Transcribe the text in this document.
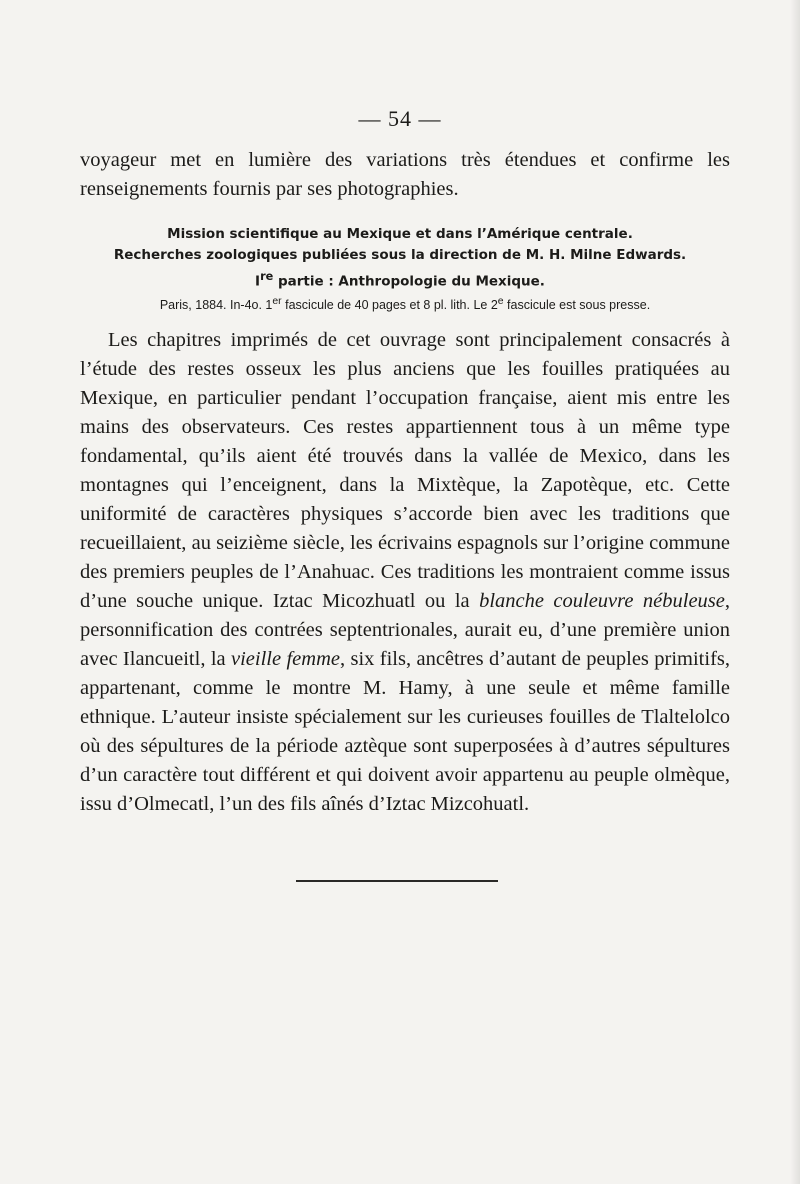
— 54 —

voyageur met en lumière des variations très étendues et confirme les renseignements fournis par ses photographies.

Mission scientifique au Mexique et dans l’Amérique centrale.
Recherches zoologiques publiées sous la direction de M. H. Milne Edwards.
Ire partie : Anthropologie du Mexique.

Paris, 1884. In-4o. 1er fascicule de 40 pages et 8 pl. lith. Le 2e fascicule est sous presse.

Les chapitres imprimés de cet ouvrage sont principalement consacrés à l’étude des restes osseux les plus anciens que les fouilles pratiquées au Mexique, en particulier pendant l’occupation française, aient mis entre les mains des observateurs. Ces restes appartiennent tous à un même type fondamental, qu’ils aient été trouvés dans la vallée de Mexico, dans les montagnes qui l’enceignent, dans la Mixtèque, la Zapotèque, etc. Cette uniformité de caractères physiques s’accorde bien avec les traditions que recueillaient, au seizième siècle, les écrivains espagnols sur l’origine commune des premiers peuples de l’Anahuac. Ces traditions les montraient comme issus d’une souche unique. Iztac Micozhuatl ou la blanche couleuvre nébuleuse, personnification des contrées septentrionales, aurait eu, d’une première union avec Ilancueitl, la vieille femme, six fils, ancêtres d’autant de peuples primitifs, appartenant, comme le montre M. Hamy, à une seule et même famille ethnique. L’auteur insiste spécialement sur les curieuses fouilles de Tlaltelolco où des sépultures de la période aztèque sont superposées à d’autres sépultures d’un caractère tout différent et qui doivent avoir appartenu au peuple olmèque, issu d’Olmecatl, l’un des fils aînés d’Iztac Mizcohuatl.
